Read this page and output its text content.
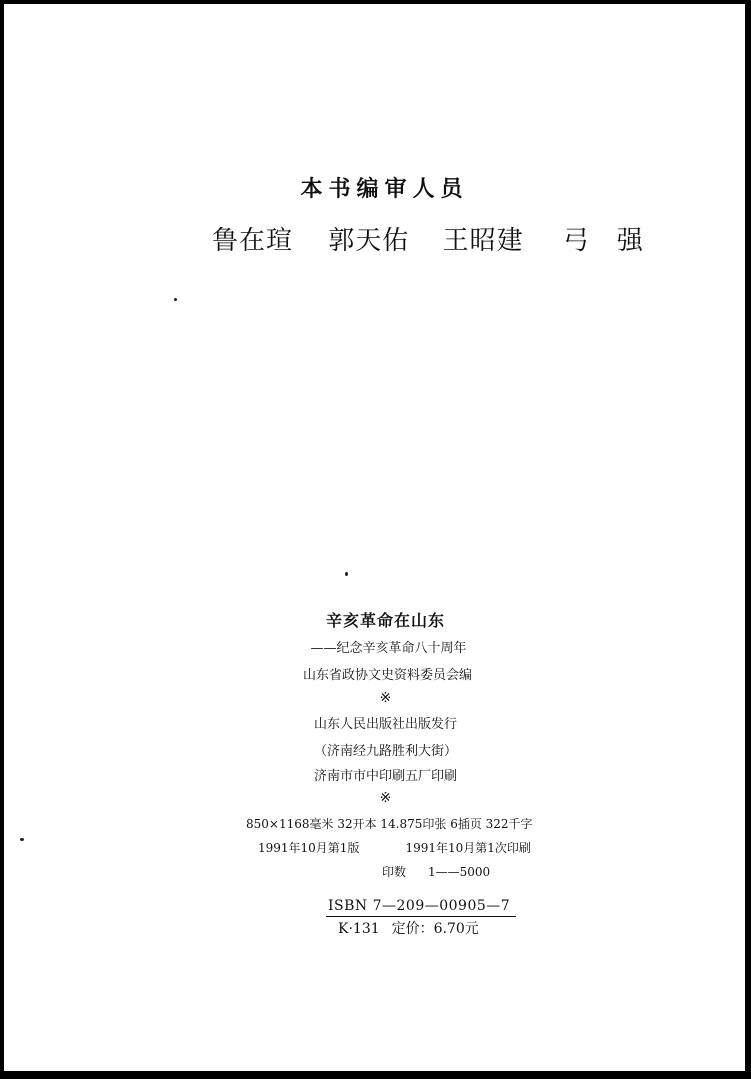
本书编审人员
鲁在瑄 郭天佑 王昭建 弓强
辛亥革命在山东
——纪念辛亥革命八十周年
山东省政协文史资料委员会编
※
山东人民出版社出版发行
（济南经九路胜利大街）
济南市市中印刷五厂印刷
※
850×1168毫米 32开本 14.875印张 6插页 322千字
1991年10月第1版	1991年10月第1次印刷
印数 1——5000
ISBN 7—209—00905—7
K·131 定价：6.70元
